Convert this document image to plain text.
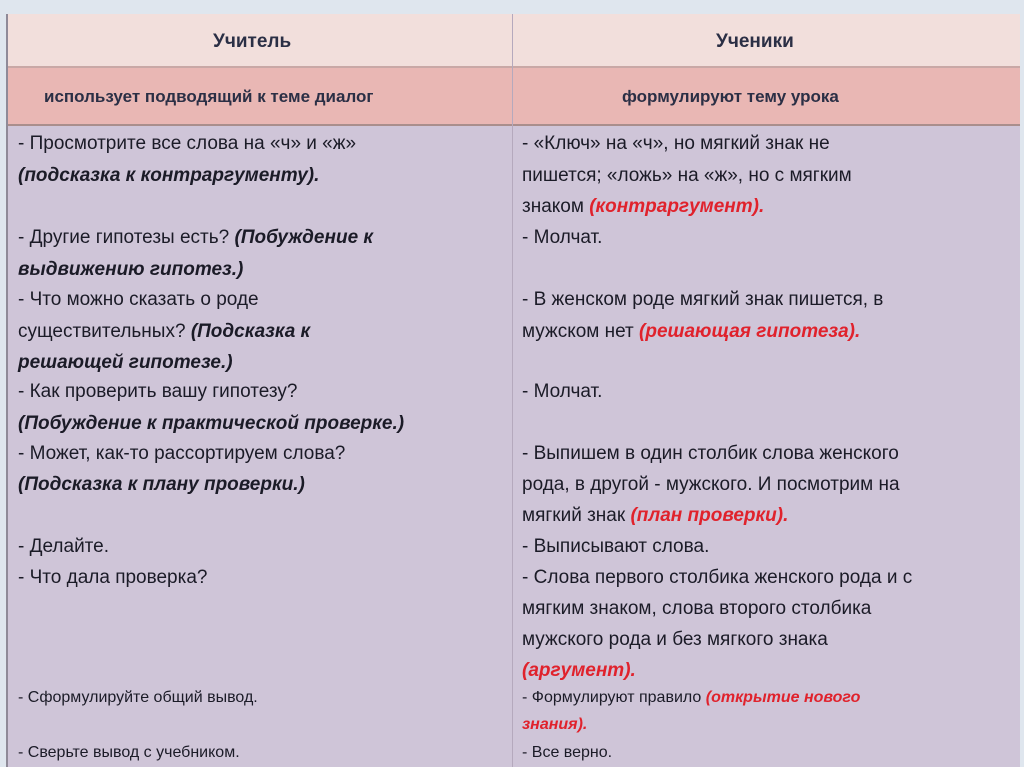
Учитель	Ученики
использует подводящий к теме диалог	формулируют тему урока
- Просмотрите все слова на «ч» и «ж»
(подсказка к контраргументу).
- Другие гипотезы есть? (Побуждение к
выдвижению гипотез.)
- Что можно сказать о роде
существительных? (Подсказка к
решающей гипотезе.)
- Как проверить вашу гипотезу?
(Побуждение к практической проверке.)
- Может, как-то рассортируем слова?
(Подсказка к плану проверки.)
- Делайте.
- Что дала проверка?
- Сформулируйте общий вывод.
- Сверьте вывод с учебником.
- «Ключ» на «ч», но мягкий знак не
пишется; «ложь» на «ж», но с мягким
знаком (контраргумент).
- Молчат.
- В женском роде мягкий знак пишется, в
мужском нет (решающая гипотеза).
- Молчат.
- Выпишем в один столбик слова женского
рода, в другой - мужского. И посмотрим на
мягкий знак (план проверки).
- Выписывают слова.
- Слова первого столбика женского рода и с
мягким знаком, слова второго столбика
мужского рода и без мягкого знака
(аргумент).
- Формулируют правило (открытие нового
знания).
- Все верно.
